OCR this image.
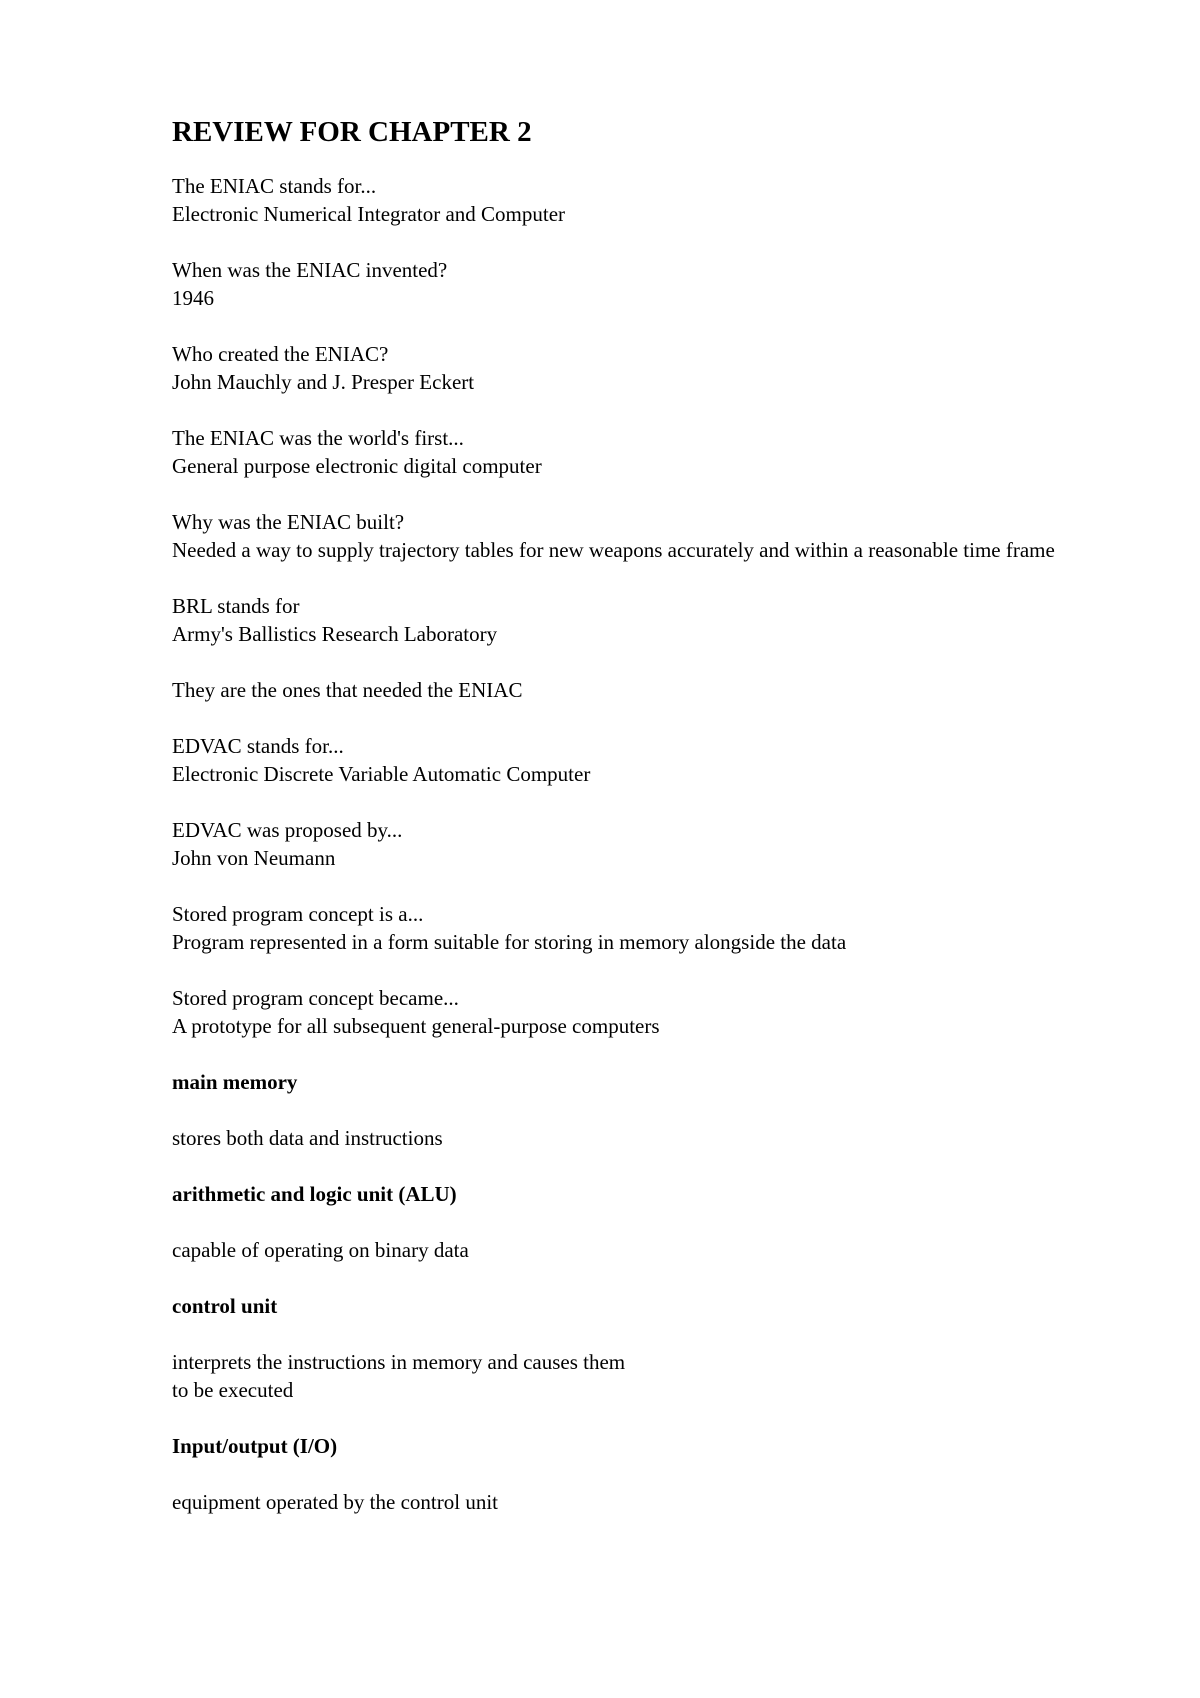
REVIEW FOR CHAPTER 2

The ENIAC stands for...
Electronic Numerical Integrator and Computer

When was the ENIAC invented?
1946

Who created the ENIAC?
John Mauchly and J. Presper Eckert

The ENIAC was the world's first...
General purpose electronic digital computer

Why was the ENIAC built?
Needed a way to supply trajectory tables for new weapons accurately and within a reasonable time frame

BRL stands for
Army's Ballistics Research Laboratory

They are the ones that needed the ENIAC

EDVAC stands for...
Electronic Discrete Variable Automatic Computer

EDVAC was proposed by...
John von Neumann

Stored program concept is a...
Program represented in a form suitable for storing in memory alongside the data

Stored program concept became...
A prototype for all subsequent general-purpose computers

main memory

stores both data and instructions

arithmetic and logic unit (ALU)

capable of operating on binary data

control unit

interprets the instructions in memory and causes them
to be executed

Input/output (I/O)

equipment operated by the control unit
